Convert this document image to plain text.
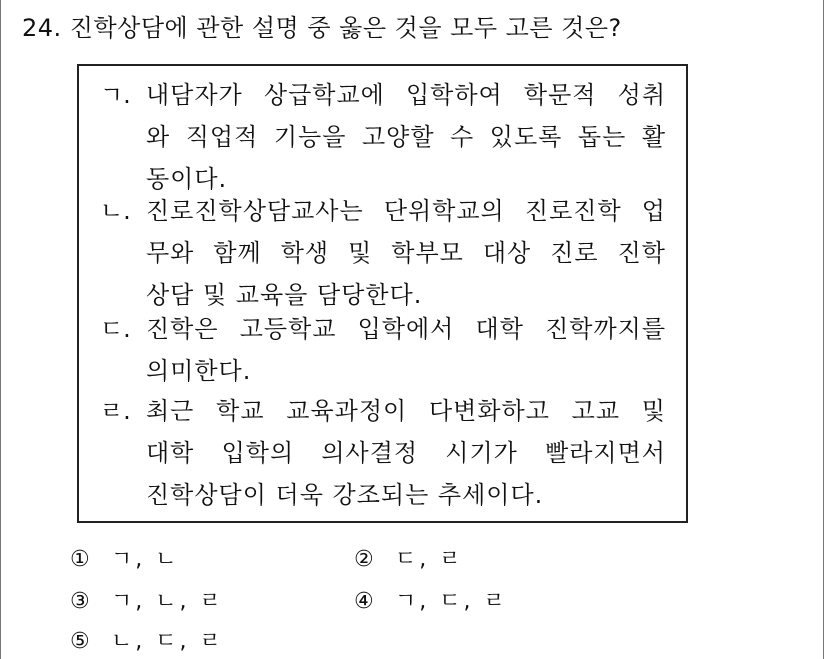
24. 진학상담에 관한 설명 중 옳은 것을 모두 고른 것은?
ㄱ. 내담자가 상급학교에 입학하여 학문적 성취
와 직업적 기능을 고양할 수 있도록 돕는 활
동이다.
ㄴ. 진로진학상담교사는 단위학교의 진로진학 업
무와 함께 학생 및 학부모 대상 진로 진학
상담 및 교육을 담당한다.
ㄷ. 진학은 고등학교 입학에서 대학 진학까지를
의미한다.
ㄹ. 최근 학교 교육과정이 다변화하고 고교 및
대학 입학의 의사결정 시기가 빨라지면서
진학상담이 더욱 강조되는 추세이다.
① ㄱ, ㄴ	② ㄷ, ㄹ
③ ㄱ, ㄴ, ㄹ	④ ㄱ, ㄷ, ㄹ
⑤ ㄴ, ㄷ, ㄹ
